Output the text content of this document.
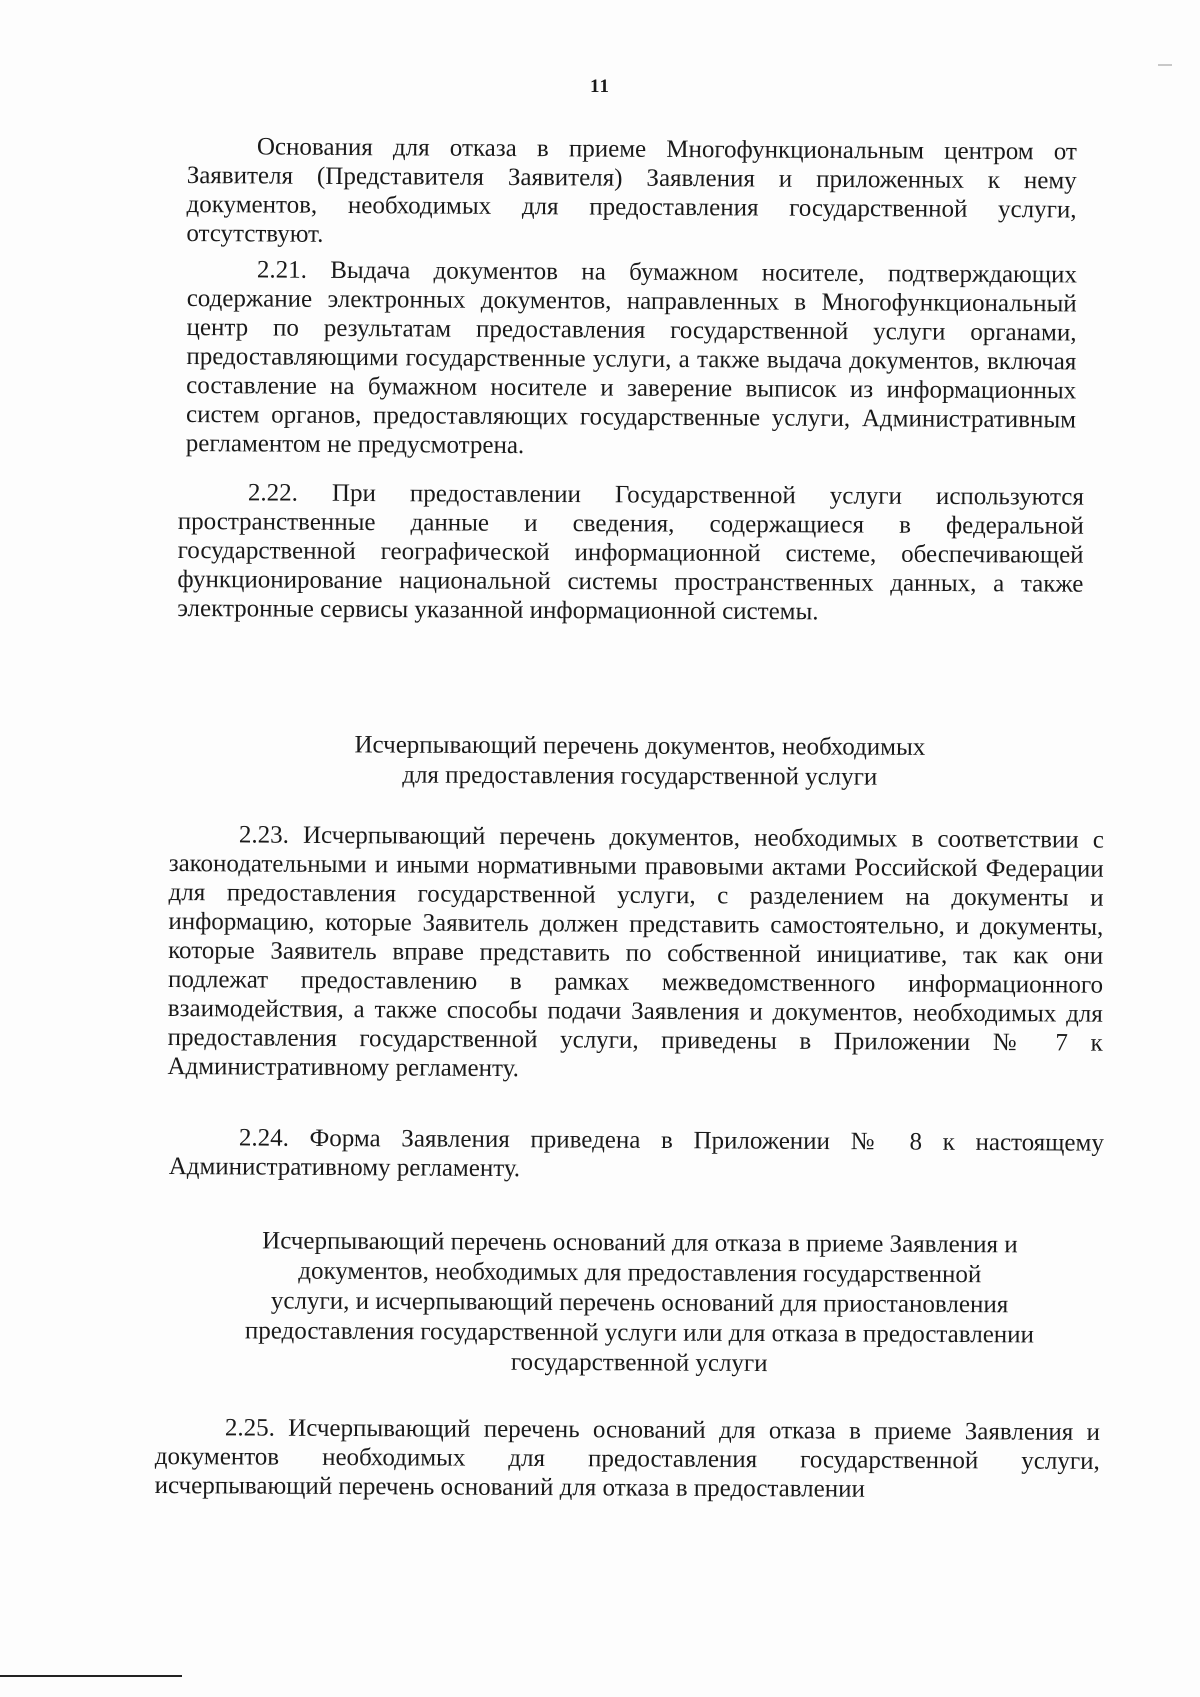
11

Основания для отказа в приеме Многофункциональным центром от Заявителя (Представителя Заявителя) Заявления и приложенных к нему документов, необходимых для предоставления государственной услуги, отсутствуют.

2.21. Выдача документов на бумажном носителе, подтверждающих содержание электронных документов, направленных в Многофункциональный центр по результатам предоставления государственной услуги органами, предоставляющими государственные услуги, а также выдача документов, включая составление на бумажном носителе и заверение выписок из информационных систем органов, предоставляющих государственные услуги, Административным регламентом не предусмотрена.

2.22. При предоставлении Государственной услуги используются пространственные данные и сведения, содержащиеся в федеральной государственной географической информационной системе, обеспечивающей функционирование национальной системы пространственных данных, а также электронные сервисы указанной информационной системы.

Исчерпывающий перечень документов, необходимых
для предоставления государственной услуги

2.23. Исчерпывающий перечень документов, необходимых в соответствии с законодательными и иными нормативными правовыми актами Российской Федерации для предоставления государственной услуги, с разделением на документы и информацию, которые Заявитель должен представить самостоятельно, и документы, которые Заявитель вправе представить по собственной инициативе, так как они подлежат предоставлению в рамках межведомственного информационного взаимодействия, а также способы подачи Заявления и документов, необходимых для предоставления государственной услуги, приведены в Приложении № 7 к Административному регламенту.

2.24. Форма Заявления приведена в Приложении № 8 к настоящему Административному регламенту.

Исчерпывающий перечень оснований для отказа в приеме Заявления и
документов, необходимых для предоставления государственной
услуги, и исчерпывающий перечень оснований для приостановления
предоставления государственной услуги или для отказа в предоставлении
государственной услуги

2.25. Исчерпывающий перечень оснований для отказа в приеме Заявления и документов необходимых для предоставления государственной услуги, исчерпывающий перечень оснований для отказа в предоставлении
